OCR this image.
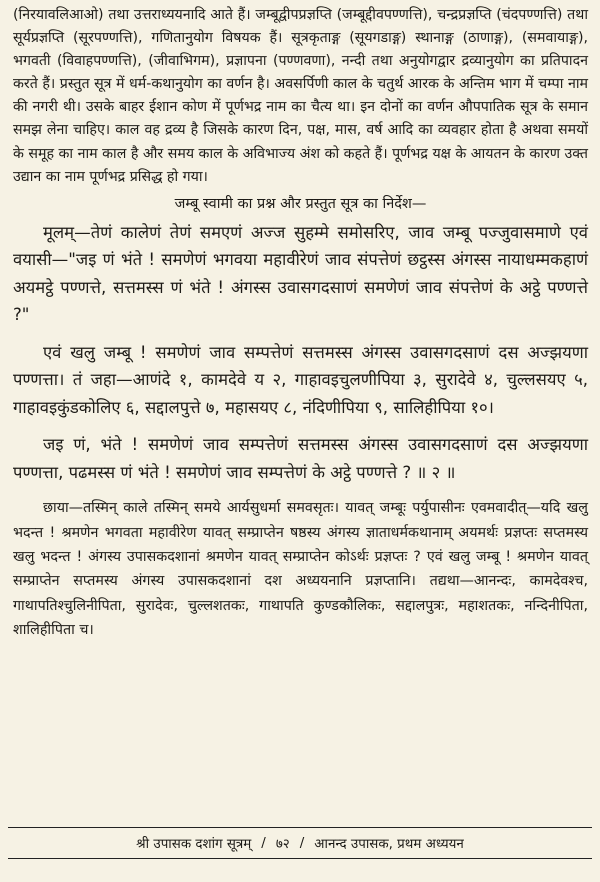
(निरयावलिआओ) तथा उत्तराध्ययनादि आते हैं। जम्बूद्वीपप्रज्ञप्ति (जम्बूद्दीवपण्णत्ति), चन्द्रप्रज्ञप्ति (चंदपण्णत्ति) तथा सूर्यप्रज्ञप्ति (सूरपण्णत्ति), गणितानुयोग विषयक हैं। सूत्रकृताङ्ग (सूयगडाङ्ग) स्थानाङ्ग (ठाणाङ्ग), (समवायाङ्ग), भगवती (विवाहपण्णत्ति), (जीवाभिगम), प्रज्ञापना (पण्णवणा), नन्दी तथा अनुयोगद्वार द्रव्यानुयोग का प्रतिपादन करते हैं। प्रस्तुत सूत्र में धर्म-कथानुयोग का वर्णन है। अवसर्पिणी काल के चतुर्थ आरक के अन्तिम भाग में चम्पा नाम की नगरी थी। उसके बाहर ईशान कोण में पूर्णभद्र नाम का चैत्य था। इन दोनों का वर्णन औपपातिक सूत्र के समान समझ लेना चाहिए। काल वह द्रव्य है जिसके कारण दिन, पक्ष, मास, वर्ष आदि का व्यवहार होता है अथवा समयों के समूह का नाम काल है और समय काल के अविभाज्य अंश को कहते हैं। पूर्णभद्र यक्ष के आयतन के कारण उक्त उद्यान का नाम पूर्णभद्र प्रसिद्ध हो गया।

जम्बू स्वामी का प्रश्न और प्रस्तुत सूत्र का निर्देश—

मूलम्—तेणं कालेणं तेणं समएणं अज्ज सुहम्मे समोसरिए, जाव जम्बू पज्जुवासमाणे एवं वयासी—"जइ णं भंते ! समणेणं भगवया महावीरेणं जाव संपत्तेणं छट्ठस्स अंगस्स नायाधम्मकहाणं अयमट्ठे पण्णत्ते, सत्तमस्स णं भंते ! अंगस्स उवासगदसाणं समणेणं जाव संपत्तेणं के अट्ठे पण्णत्ते ?"

एवं खलु जम्बू ! समणेणं जाव सम्पत्तेणं सत्तमस्स अंगस्स उवासगदसाणं दस अज्झयणा पण्णत्ता। तं जहा—आणंदे १, कामदेवे य २, गाहावइचुलणीपिया ३, सुरादेवे ४, चुल्लसयए ५, गाहावइकुंडकोलिए ६, सद्दालपुत्ते ७, महासयए ८, नंदिणीपिया ९, सालिहीपिया १०।

जइ णं, भंते ! समणेणं जाव सम्पत्तेणं सत्तमस्स अंगस्स उवासगदसाणं दस अज्झयणा पण्णत्ता, पढमस्स णं भंते ! समणेणं जाव सम्पत्तेणं के अट्ठे पण्णत्ते ? ॥ २ ॥

छाया—तस्मिन् काले तस्मिन् समये आर्यसुधर्मा समवसृतः। यावत् जम्बूः पर्युपासीनः एवमवादीत्—यदि खलु भदन्त ! श्रमणेन भगवता महावीरेण यावत् सम्प्राप्तेन षष्ठस्य अंगस्य ज्ञाताधर्मकथानाम् अयमर्थः प्रज्ञप्तः सप्तमस्य खलु भदन्त ! अंगस्य उपासकदशानां श्रमणेन यावत् सम्प्राप्तेन कोऽर्थः प्रज्ञप्तः ? एवं खलु जम्बू ! श्रमणेन यावत् सम्प्राप्तेन सप्तमस्य अंगस्य उपासकदशानां दश अध्ययनानि प्रज्ञप्तानि। तद्यथा—आनन्दः, कामदेवश्च, गाथापतिश्चुलिनीपिता, सुरादेवः, चुल्लशतकः, गाथापति कुण्डकौलिकः, सद्दालपुत्रः, महाशतकः, नन्दिनीपिता, शालिहीपिता च।

श्री उपासक दशांग सूत्रम् / ७२ / आनन्द उपासक, प्रथम अध्ययन
